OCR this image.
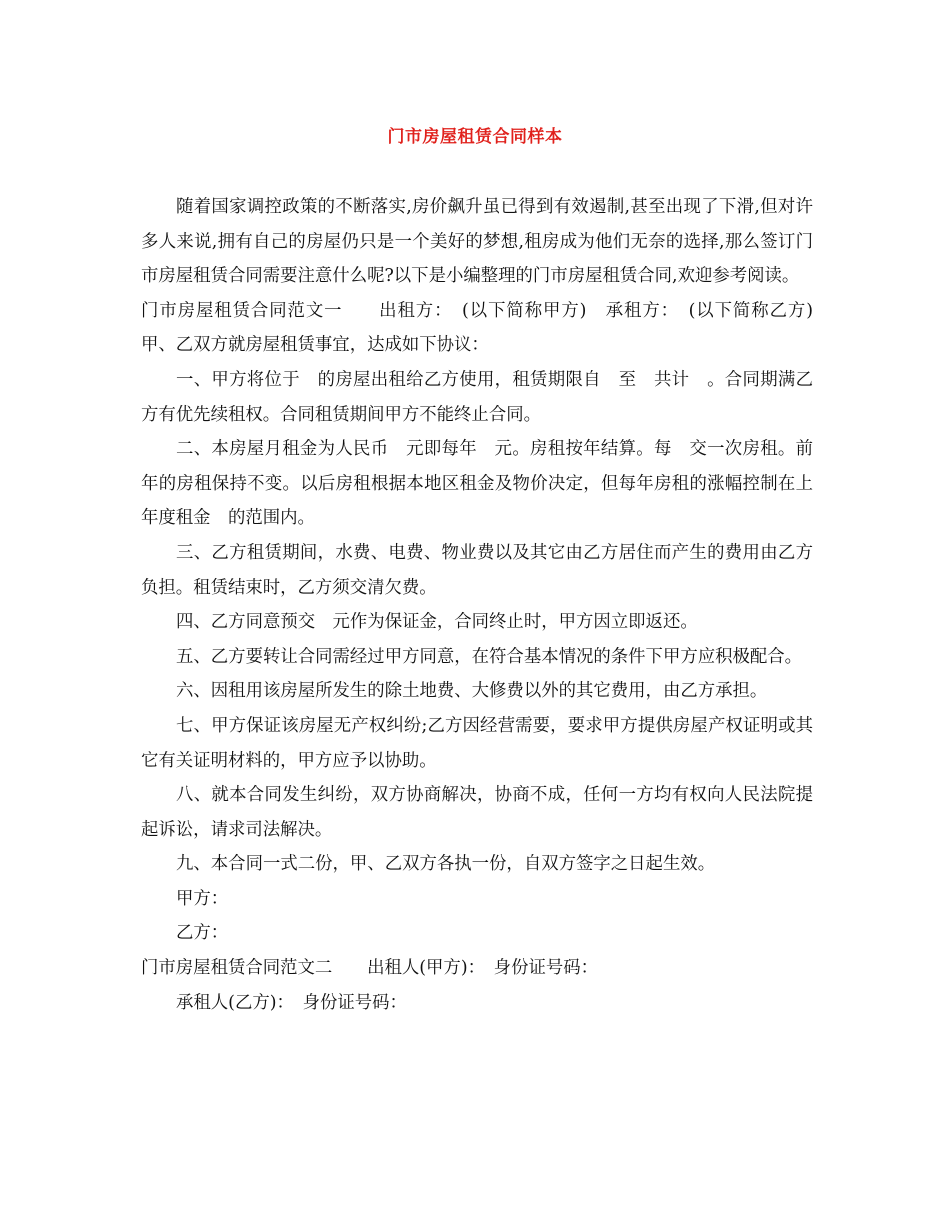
门市房屋租赁合同样本

随着国家调控政策的不断落实,房价飙升虽已得到有效遏制,甚至出现了下滑,但对许多人来说,拥有自己的房屋仍只是一个美好的梦想,租房成为他们无奈的选择,那么签订门市房屋租赁合同需要注意什么呢?以下是小编整理的门市房屋租赁合同,欢迎参考阅读。

门市房屋租赁合同范文一　　出租方：　(以下简称甲方)　承租方：　(以下简称乙方)　甲、乙双方就房屋租赁事宜，达成如下协议：

一、甲方将位于　的房屋出租给乙方使用，租赁期限自　至　共计　。合同期满乙方有优先续租权。合同租赁期间甲方不能终止合同。

二、本房屋月租金为人民币　元即每年　元。房租按年结算。每　交一次房租。前　年的房租保持不变。以后房租根据本地区租金及物价决定，但每年房租的涨幅控制在上年度租金　的范围内。

三、乙方租赁期间，水费、电费、物业费以及其它由乙方居住而产生的费用由乙方负担。租赁结束时，乙方须交清欠费。

四、乙方同意预交　元作为保证金，合同终止时，甲方因立即返还。

五、乙方要转让合同需经过甲方同意，在符合基本情况的条件下甲方应积极配合。

六、因租用该房屋所发生的除土地费、大修费以外的其它费用，由乙方承担。

七、甲方保证该房屋无产权纠纷;乙方因经营需要，要求甲方提供房屋产权证明或其它有关证明材料的，甲方应予以协助。

八、就本合同发生纠纷，双方协商解决，协商不成，任何一方均有权向人民法院提起诉讼，请求司法解决。

九、本合同一式二份，甲、乙双方各执一份，自双方签字之日起生效。

甲方：

乙方：

门市房屋租赁合同范文二　　出租人(甲方)：　身份证号码：

承租人(乙方)：　身份证号码：
